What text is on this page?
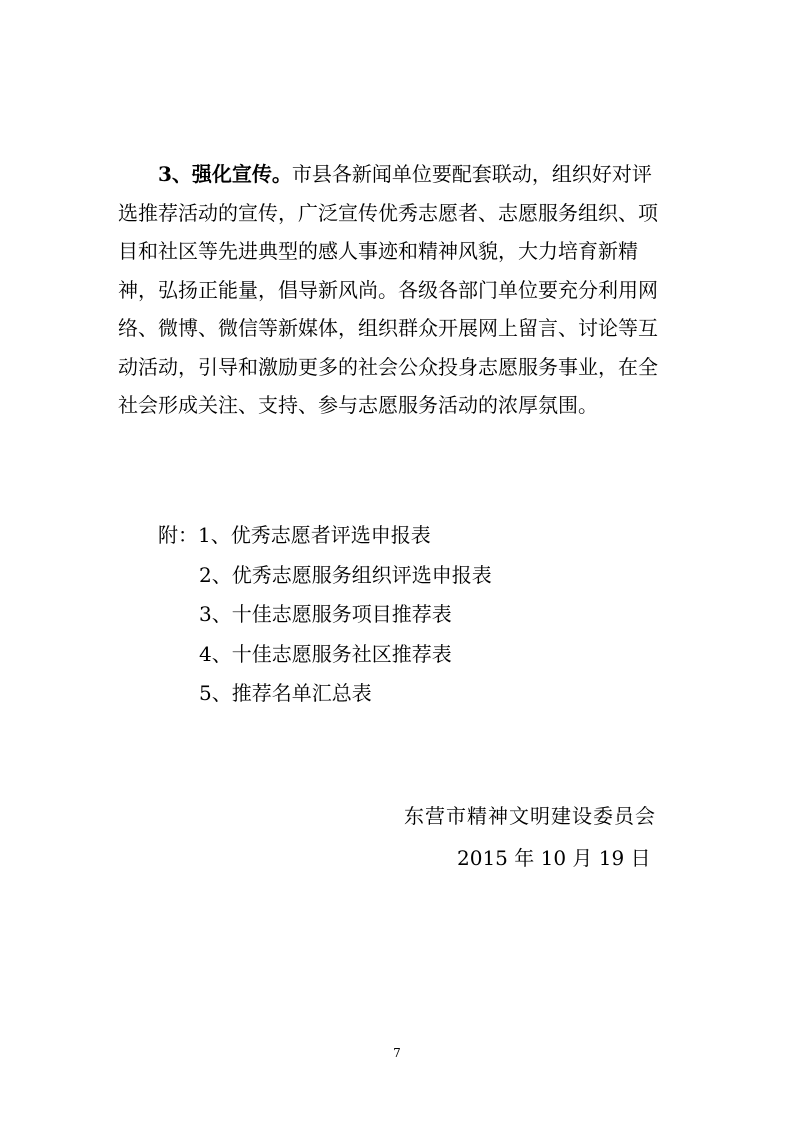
3、强化宣传。市县各新闻单位要配套联动，组织好对评
选推荐活动的宣传，广泛宣传优秀志愿者、志愿服务组织、项
目和社区等先进典型的感人事迹和精神风貌，大力培育新精
神，弘扬正能量，倡导新风尚。各级各部门单位要充分利用网
络、微博、微信等新媒体，组织群众开展网上留言、讨论等互
动活动，引导和激励更多的社会公众投身志愿服务事业，在全
社会形成关注、支持、参与志愿服务活动的浓厚氛围。
附：1、优秀志愿者评选申报表
2、优秀志愿服务组织评选申报表
3、十佳志愿服务项目推荐表
4、十佳志愿服务社区推荐表
5、推荐名单汇总表
东营市精神文明建设委员会
2015 年 10 月 19 日
7
